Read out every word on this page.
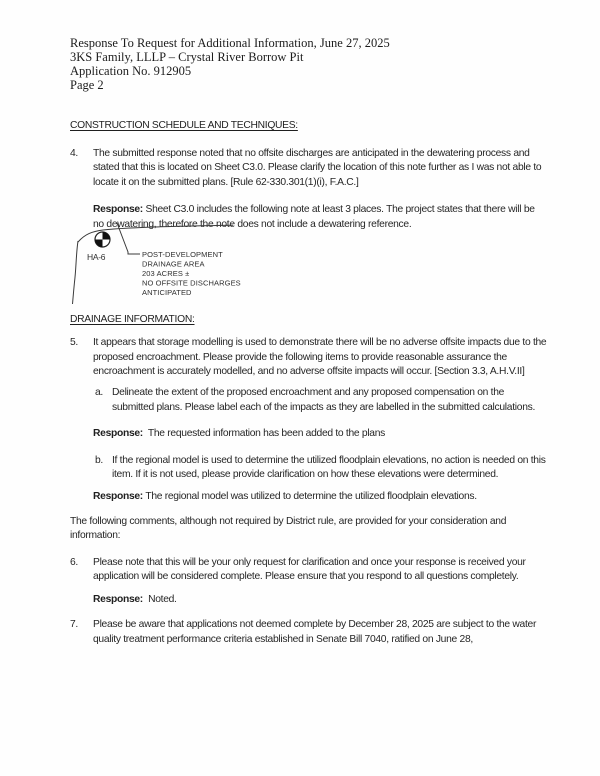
Response To Request for Additional Information, June 27, 2025
3KS Family, LLLP – Crystal River Borrow Pit
Application No. 912905
Page 2
CONSTRUCTION SCHEDULE AND TECHNIQUES:
4.	The submitted response noted that no offsite discharges are anticipated in the dewatering process and stated that this is located on Sheet C3.0. Please clarify the location of this note further as I was not able to locate it on the submitted plans. [Rule 62-330.301(1)(i), F.A.C.]

Response: Sheet C3.0 includes the following note at least 3 places. The project states that there will be no dewatering, therefore the note does not include a dewatering reference.

HA-6	POST-DEVELOPMENT
DRAINAGE AREA
203 ACRES ±
NO OFFSITE DISCHARGES
ANTICIPATED
DRAINAGE INFORMATION:
5.	It appears that storage modelling is used to demonstrate there will be no adverse offsite impacts due to the proposed encroachment. Please provide the following items to provide reasonable assurance the encroachment is accurately modelled, and no adverse offsite impacts will occur. [Section 3.3, A.H.V.II]

a. Delineate the extent of the proposed encroachment and any proposed compensation on the submitted plans. Please label each of the impacts as they are labelled in the submitted calculations.

Response: The requested information has been added to the plans

b. If the regional model is used to determine the utilized floodplain elevations, no action is needed on this item. If it is not used, please provide clarification on how these elevations were determined.

Response: The regional model was utilized to determine the utilized floodplain elevations.

The following comments, although not required by District rule, are provided for your consideration and information:

6.	Please note that this will be your only request for clarification and once your response is received your application will be considered complete. Please ensure that you respond to all questions completely.

Response: Noted.

7.	Please be aware that applications not deemed complete by December 28, 2025 are subject to the water quality treatment performance criteria established in Senate Bill 7040, ratified on June 28,
